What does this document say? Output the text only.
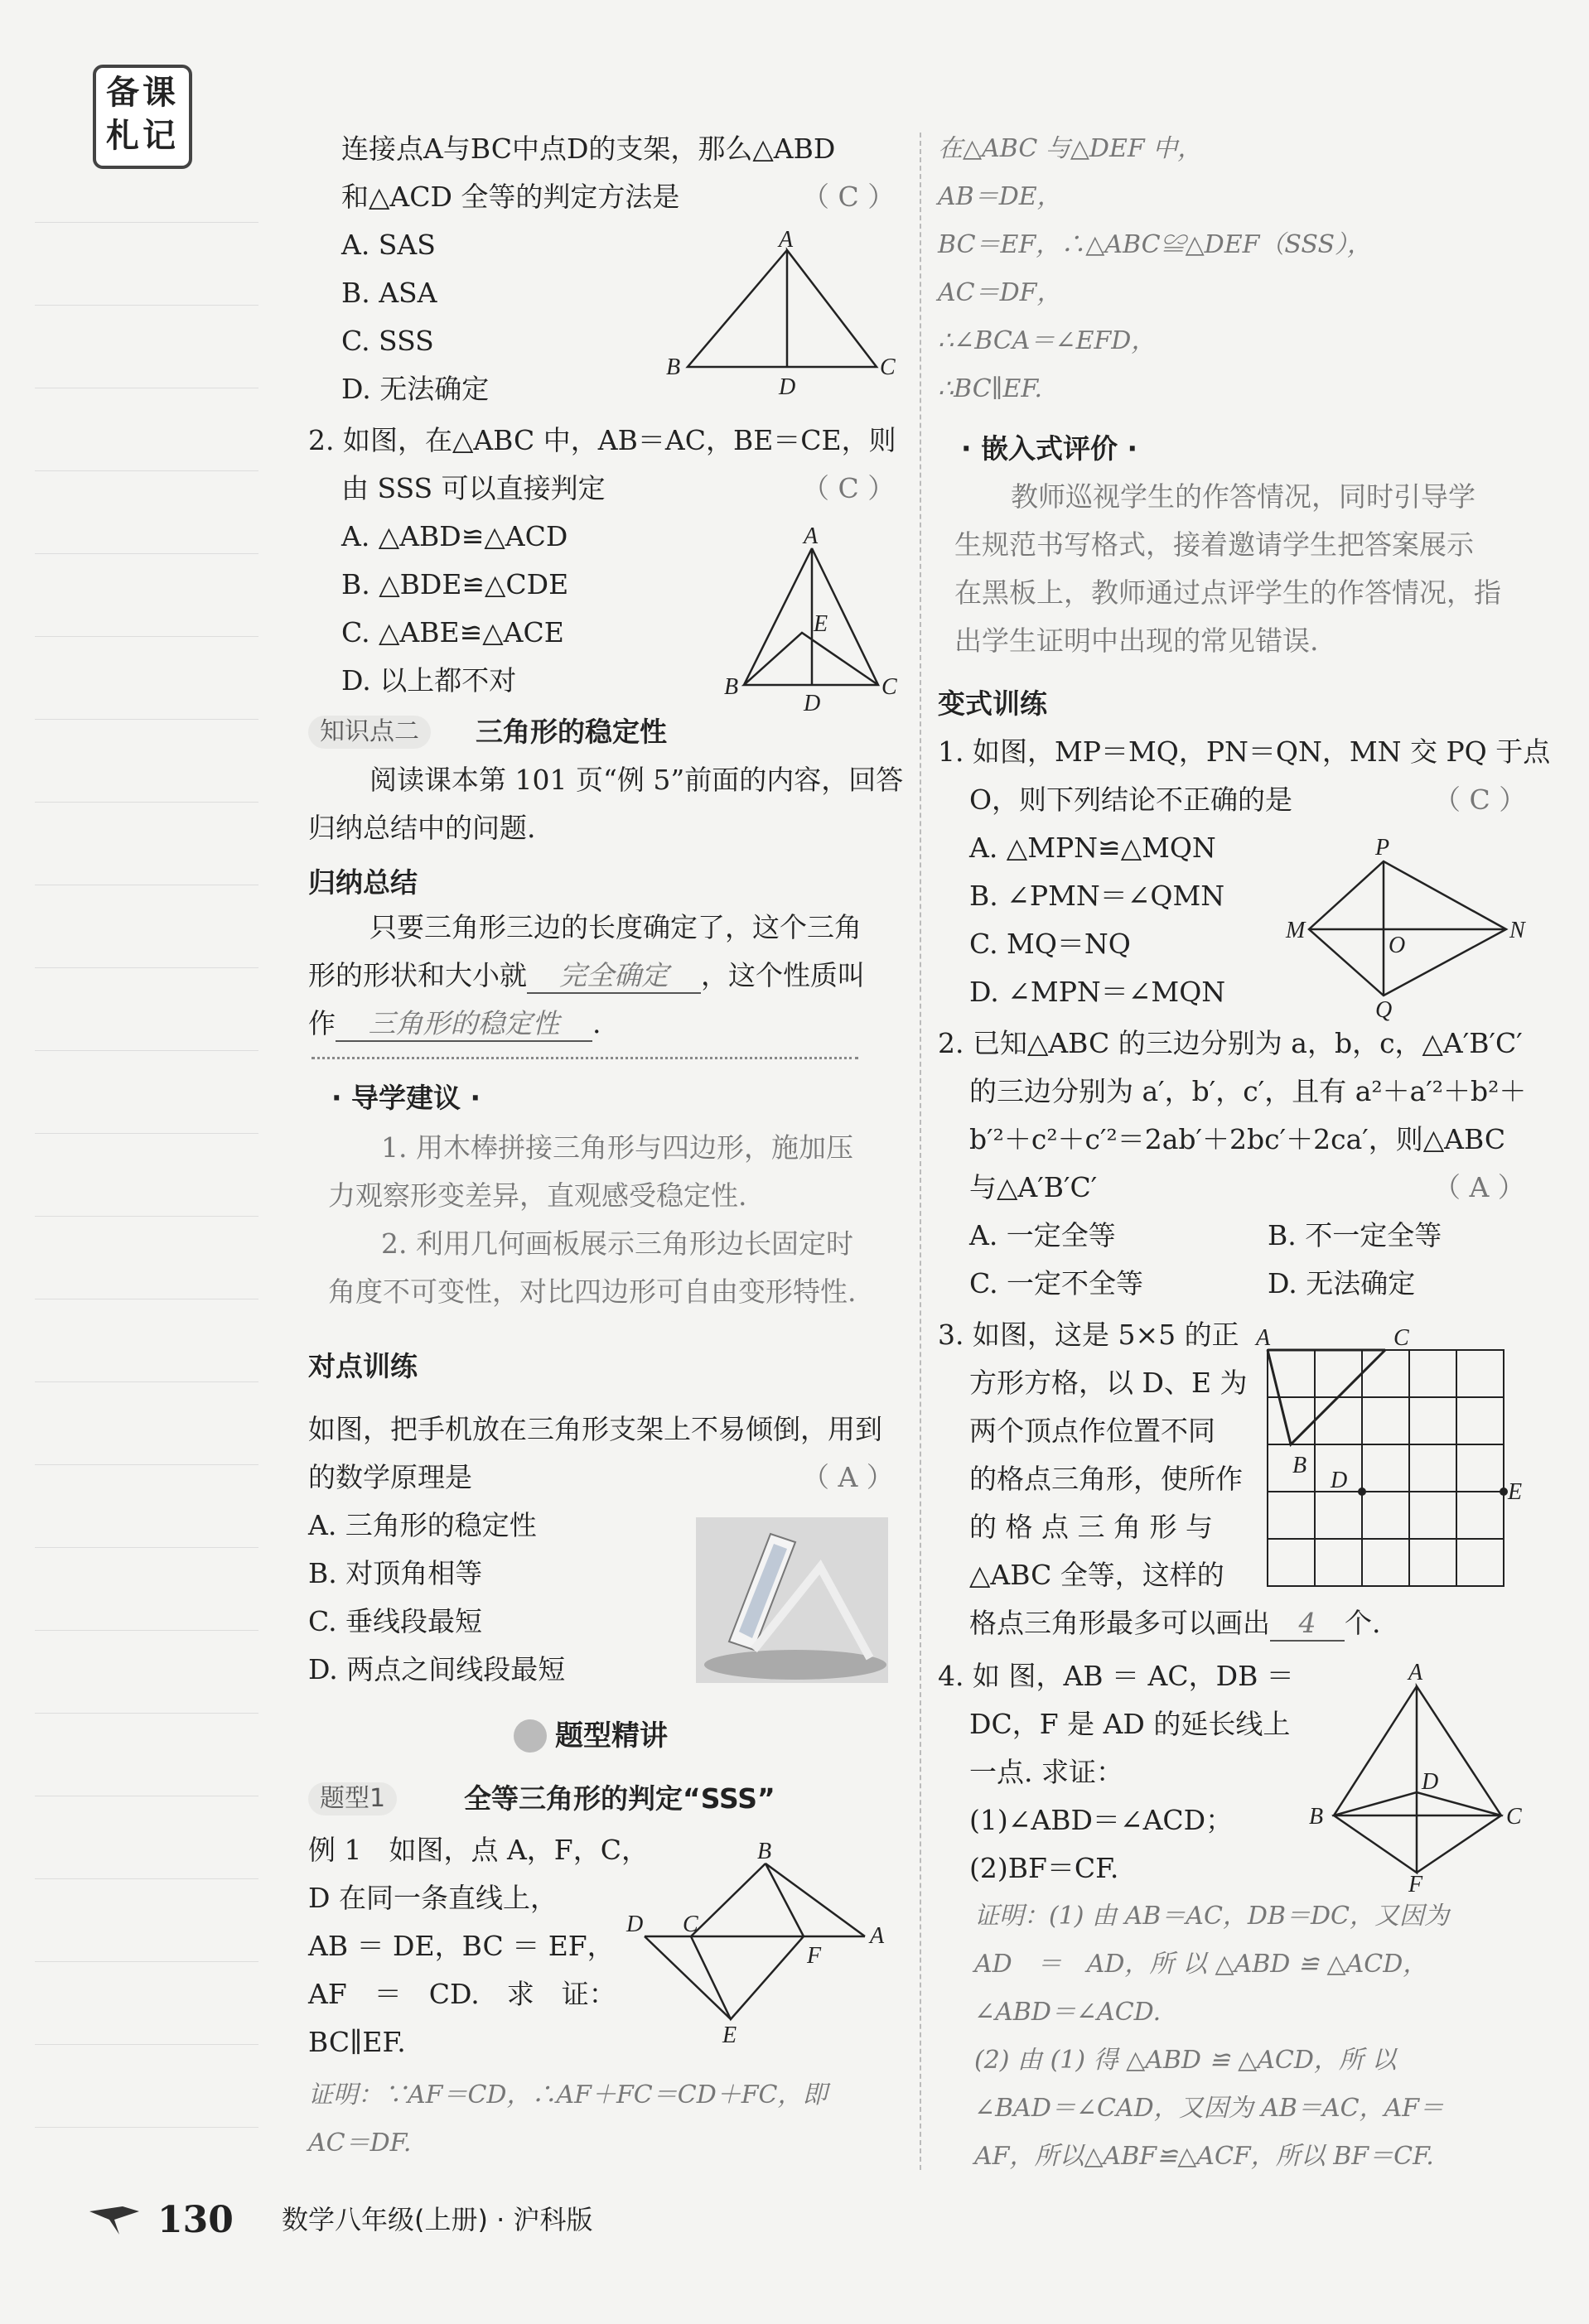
备课札记	连接点A与BC中点D的支架，那么△ABD
和△ACD 全等的判定方法是	（ C ）
A. SAS
B. ASA
C. SSS
D. 无法确定
A
B	C
D
2. 如图，在△ABC 中，AB＝AC，BE＝CE，则
由 SSS 可以直接判定	（ C ）
A. △ABD≌△ACD
B. △BDE≌△CDE
C. △ABE≌△ACE
D. 以上都不对
A
B	C
D
E
知识点二	三角形的稳定性
阅读课本第 101 页“例 5”前面的内容，回答
归纳总结中的问题.
归纳总结
只要三角形三边的长度确定了，这个三角
形的形状和大小就 完全确定 ，这个性质叫
作 三角形的稳定性 .
· 导学建议 ·
1. 用木棒拼接三角形与四边形，施加压
力观察形变差异，直观感受稳定性.
2. 利用几何画板展示三角形边长固定时
角度不可变性，对比四边形可自由变形特性.
对点训练
如图，把手机放在三角形支架上不易倾倒，用到
的数学原理是	（ A ）
A. 三角形的稳定性
B. 对顶角相等
C. 垂线段最短
D. 两点之间线段最短
题型精讲
题型1	全等三角形的判定“SSS”
例 1　如图，点 A，F，C，
D 在同一条直线上，
AB ＝ DE，BC ＝ EF，
AF　＝　CD.　求　证：
BC∥EF.
证明：∵AF＝CD，∴AF＋FC＝CD＋FC，即
AC＝DF.
B
D C	A
F
E
在△ABC 与△DEF 中，
AB＝DE，
BC＝EF，∴△ABC≌△DEF（SSS），
AC＝DF，
∴∠BCA＝∠EFD，
∴BC∥EF.
· 嵌入式评价 ·
教师巡视学生的作答情况，同时引导学
生规范书写格式，接着邀请学生把答案展示
在黑板上，教师通过点评学生的作答情况，指
出学生证明中出现的常见错误.
变式训练
1. 如图，MP＝MQ，PN＝QN，MN 交 PQ 于点
O，则下列结论不正确的是	（ C ）
A. △MPN≌△MQN
B. ∠PMN＝∠QMN
C. MQ＝NQ
D. ∠MPN＝∠MQN
P
M
O
N
Q
2. 已知△ABC 的三边分别为 a，b，c，△A′B′C′
的三边分别为 a′，b′，c′，且有 a²＋a′²＋b²＋
b′²＋c²＋c′²＝2ab′＋2bc′＋2ca′，则△ABC
与△A′B′C′	（ A ）
A. 一定全等	B. 不一定全等
C. 一定不全等	D. 无法确定
3. 如图，这是 5×5 的正
方形方格，以 D、E 为
两个顶点作位置不同
的格点三角形，使所作
的 格 点 三 角 形 与
△ABC 全等，这样的
格点三角形最多可以画出 4 个.
A	C
B
D	E
4. 如 图，AB ＝ AC，DB ＝
DC，F 是 AD 的延长线上
一点. 求证：
(1)∠ABD＝∠ACD；
(2)BF＝CF.
证明：(1) 由 AB＝AC，DB＝DC，又因为
AD　＝　AD，所 以 △ABD ≌ △ACD，
∠ABD＝∠ACD.
(2) 由 (1) 得 △ABD ≌ △ACD，所 以
∠BAD＝∠CAD，又因为 AB＝AC，AF＝
AF，所以△ABF≌△ACF，所以 BF＝CF.
A
B	C
D
F
130 数学八年级(上册) · 沪科版
